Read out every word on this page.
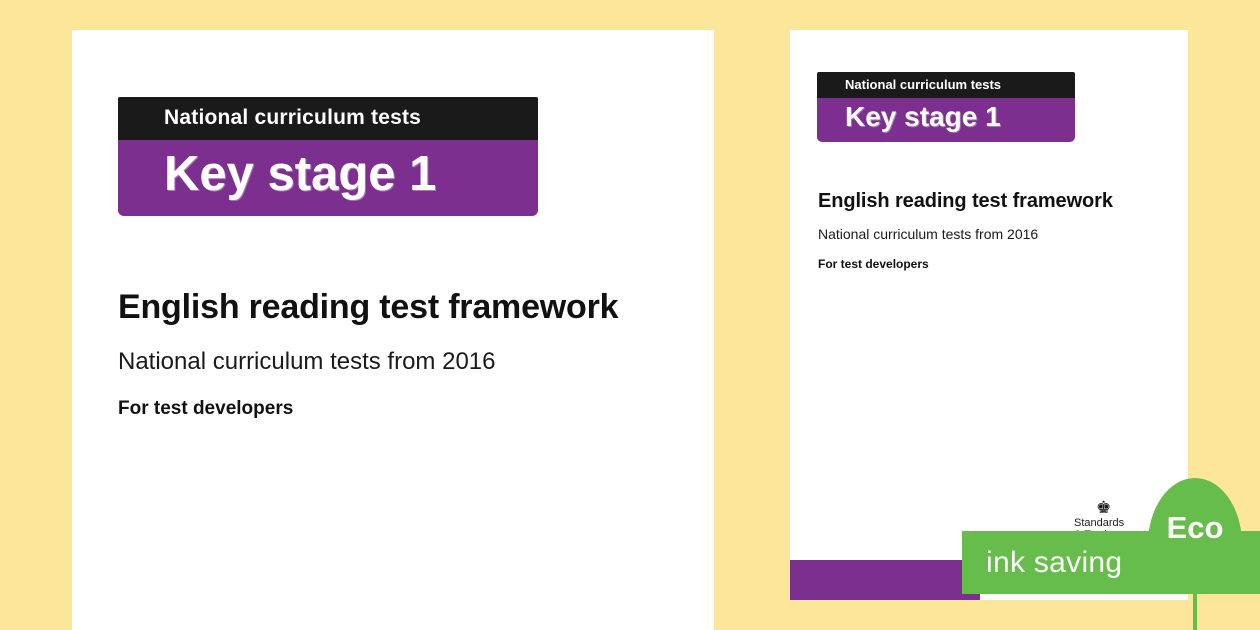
National curriculum tests
Key stage 1
English reading test framework
National curriculum tests from 2016
For test developers
National curriculum tests
Key stage 1
English reading test framework
National curriculum tests from 2016
For test developers
♚
Standards

ink saving
Eco
